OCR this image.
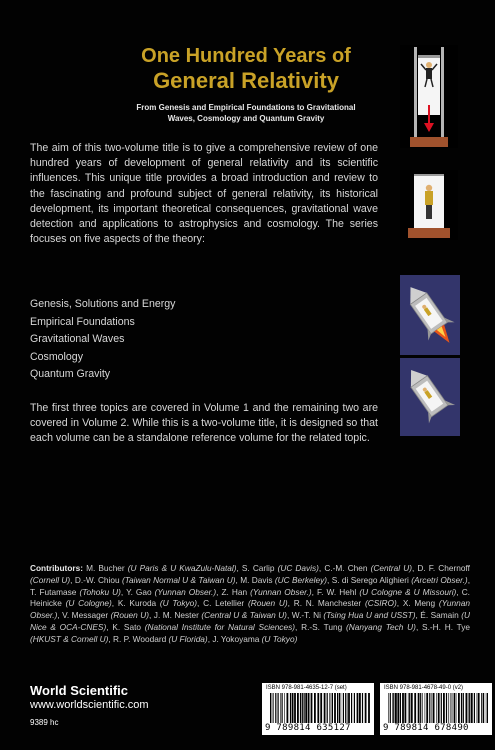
One Hundred Years of
General Relativity
From Genesis and Empirical Foundations to Gravitational
Waves, Cosmology and Quantum Gravity
The aim of this two-volume title is to give a comprehensive review of one hundred years of development of general relativity and its scientific influences. This unique title provides a broad introduction and review to the fascinating and profound subject of general relativity, its historical development, its important theoretical consequences, gravitational wave detection and applications to astrophysics and cosmology. The series focuses on five aspects of the theory:
Genesis, Solutions and Energy
Empirical Foundations
Gravitational Waves
Cosmology
Quantum Gravity
The first three topics are covered in Volume 1 and the remaining two are covered in Volume 2. While this is a two-volume title, it is designed so that each volume can be a standalone reference volume for the related topic.
Contributors: M. Bucher (U Paris & U KwaZulu-Natal), S. Carlip (UC Davis), C.-M. Chen (Central U), D. F. Chernoff (Cornell U), D.-W. Chiou (Taiwan Normal U & Taiwan U), M. Davis (UC Berkeley), S. di Serego Alighieri (Arcetri Obser.), T. Futamase (Tohoku U), Y. Gao (Yunnan Obser.), Z. Han (Yunnan Obser.), F. W. Hehl (U Cologne & U Missouri), C. Heinicke (U Cologne), K. Kuroda (U Tokyo), C. Letellier (Rouen U), R. N. Manchester (CSIRO), X. Meng (Yunnan Obser.), V. Messager (Rouen U), J. M. Nester (Central U & Taiwan U), W.-T. Ni (Tsing Hua U and USST), É. Samain (U Nice & OCA-CNES), K. Sato (National Institute for Natural Sciences), R.-S. Tung (Nanyang Tech U), S.-H. H. Tye (HKUST & Cornell U), R. P. Woodard (U Florida), J. Yokoyama (U Tokyo)
World Scientific
www.worldscientific.com
9389 hc
ISBN 978-981-4635-12-7 (set)
9 789814 635127
ISBN 978-981-4678-49-0 (v2)
9 789814 678490
